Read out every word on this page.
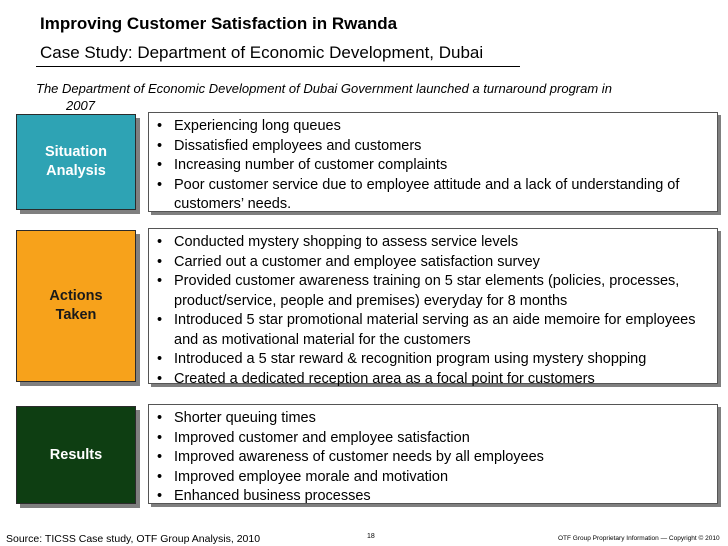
Improving Customer Satisfaction in Rwanda
Case Study: Department of Economic Development, Dubai
The Department of Economic Development of Dubai Government launched a turnaround program in
2007
Situation
Analysis
• Experiencing long queues
• Dissatisfied employees and customers
• Increasing number of customer complaints
• Poor customer service due to employee attitude and a lack of understanding of customers’ needs.
Actions
Taken
• Conducted mystery shopping to assess service levels
• Carried out a customer and employee satisfaction survey
• Provided customer awareness training on 5 star elements (policies, processes, product/service, people and premises) everyday for 8 months
• Introduced 5 star promotional material serving as an aide memoire for employees and as motivational material for the customers
• Introduced a 5 star reward & recognition program using mystery shopping
• Created a dedicated reception area as a focal point for customers
Results
• Shorter queuing times
• Improved customer and employee satisfaction
• Improved awareness of customer needs by all employees
• Improved employee morale and motivation
• Enhanced business processes
Source: TICSS Case study, OTF Group Analysis, 2010	18	OTF Group Proprietary Information — Copyright © 2010
